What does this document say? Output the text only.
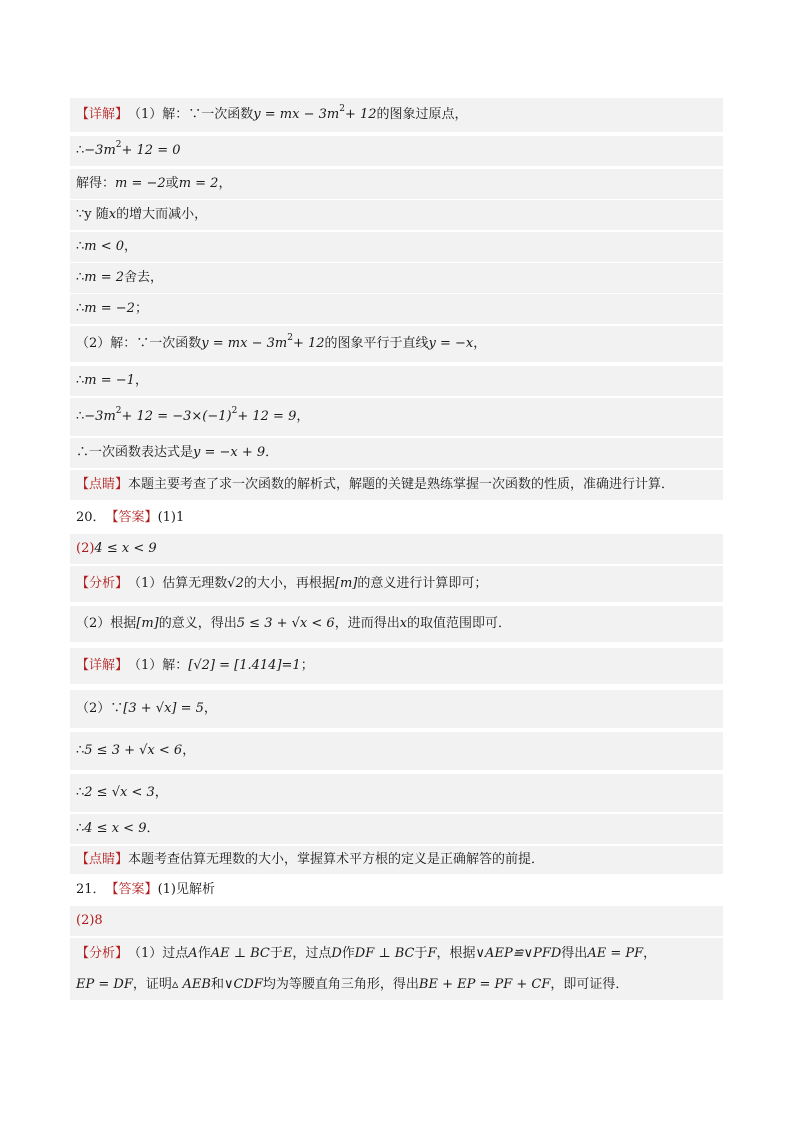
【详解】 （1）解：∵一次函数 y = mx − 3m 2 + 12 的图象过原点，
∴ −3m 2 + 12 = 0
解得： m = −2 或 m = 2 ，
∵y 随 x 的增大而减小，
∴ m < 0 ，
∴ m = 2 舍去，
∴ m = −2 ；
（2）解：∵一次函数 y = mx − 3m 2 + 12 的图象平行于直线 y = −x ，
∴ m = −1 ，
∴ −3m 2 + 12 = −3×(−1) 2 + 12 = 9 ，
∴一次函数表达式是 y = −x + 9 ．
【点睛】 本题主要考查了求一次函数的解析式，解题的关键是熟练掌握一次函数的性质，准确进行计算．
20． 【答案】 (1)1
(2) 4 ≤ x < 9
【分析】 （1）估算无理数 √2 的大小，再根据 [m] 的意义进行计算即可；
（2）根据 [m] 的意义，得出 5 ≤ 3 + √x < 6 ，进而得出 x 的取值范围即可．
【详解】 （1）解： [√2] = [1.414]=1 ；
（2）∵ [3 + √x] = 5 ，
∴ 5 ≤ 3 + √x < 6 ，
∴ 2 ≤ √x < 3 ，
∴ 4 ≤ x < 9 ．
【点睛】 本题考查估算无理数的大小，掌握算术平方根的定义是正确解答的前提．
21． 【答案】 (1)见解析
(2)8
【分析】 （1）过点 A 作 AE ⊥ BC 于 E ，过点 D 作 DF ⊥ BC 于 F ，根据 ∨AEP≌∨PFD 得出 AE = PF ，
EP = DF ，证明 ▵ AEB 和 ∨CDF 均为等腰直角三角形，得出 BE + EP = PF + CF ，即可证得．
